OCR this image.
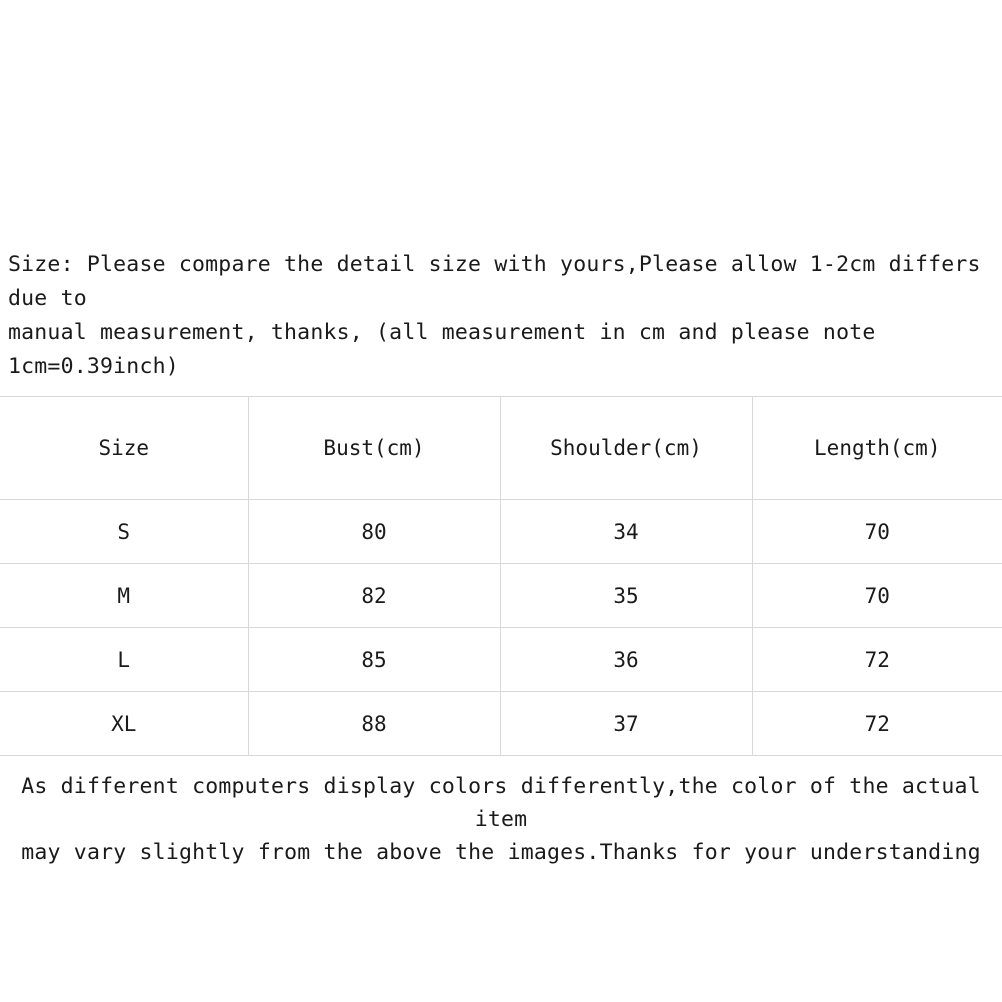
Size: Please compare the detail size with yours,Please allow 1-2cm differs due to
manual measurement, thanks, (all measurement in cm and please note 1cm=0.39inch)
Size	Bust(cm)	Shoulder(cm)	Length(cm)
S	80	34	70
M	82	35	70
L	85	36	72
XL	88	37	72
As different computers display colors differently,the color of the actual item
may vary slightly from the above the images.Thanks for your understanding
